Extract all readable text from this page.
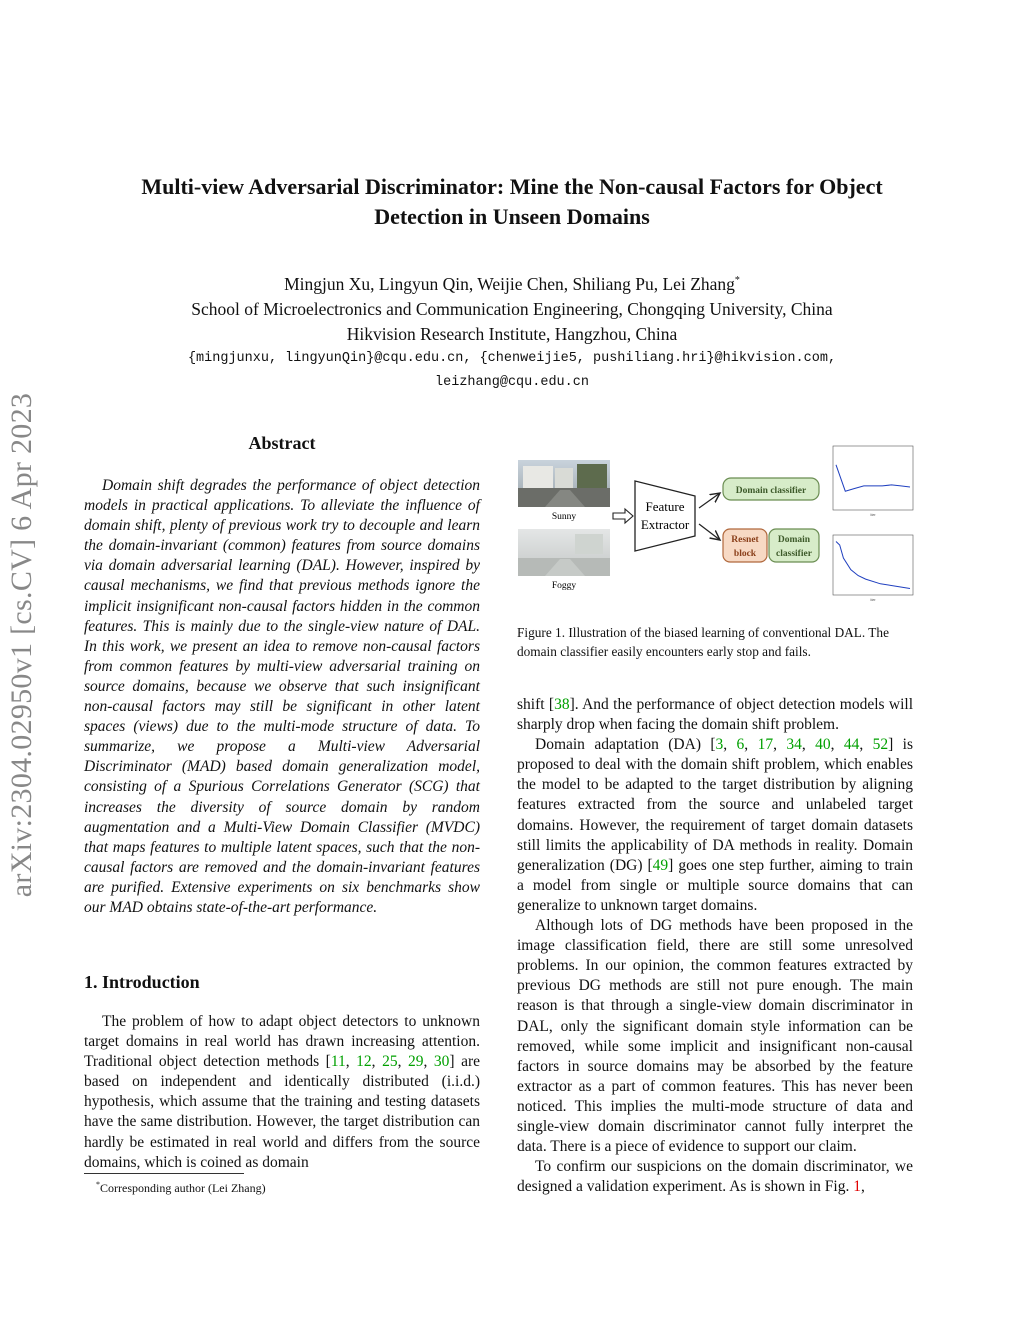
arXiv:2304.02950v1 [cs.CV] 6 Apr 2023
Multi-view Adversarial Discriminator: Mine the Non-causal Factors for Object
Detection in Unseen Domains
Mingjun Xu, Lingyun Qin, Weijie Chen, Shiliang Pu, Lei Zhang*
School of Microelectronics and Communication Engineering, Chongqing University, China
Hikvision Research Institute, Hangzhou, China
{mingjunxu, lingyunQin}@cqu.edu.cn, {chenweijie5, pushiliang.hri}@hikvision.com,
leizhang@cqu.edu.cn
Abstract
Domain shift degrades the performance of object detection models in practical applications. To alleviate the influence of domain shift, plenty of previous work try to decouple and learn the domain-invariant (common) features from source domains via domain adversarial learning (DAL). However, inspired by causal mechanisms, we find that previous methods ignore the implicit insignificant non-causal factors hidden in the common features. This is mainly due to the single-view nature of DAL. In this work, we present an idea to remove non-causal factors from common features by multi-view adversarial training on source domains, because we observe that such insignificant non-causal factors may still be significant in other latent spaces (views) due to the multi-mode structure of data. To summarize, we propose a Multi-view Adversarial Discriminator (MAD) based domain generalization model, consisting of a Spurious Correlations Generator (SCG) that increases the diversity of source domain by random augmentation and a Multi-View Domain Classifier (MVDC) that maps features to multiple latent spaces, such that the non-causal factors are removed and the domain-invariant features are purified. Extensive experiments on six benchmarks show our MAD obtains state-of-the-art performance.
1. Introduction

The problem of how to adapt object detectors to unknown target domains in real world has drawn increasing attention. Traditional object detection methods [11, 12, 25, 29, 30] are based on independent and identically distributed (i.i.d.) hypothesis, which assume that the training and testing datasets have the same distribution. However, the target distribution can hardly be estimated in real world and differs from the source domains, which is coined as domain

*Corresponding author (Lei Zhang)
Sunny
Foggy
Feature
Extractor
Domain classifier
Resnet
block
Domain
classifier
iter
iter
Figure 1. Illustration of the biased learning of conventional DAL. The domain classifier easily encounters early stop and fails.

shift [38]. And the performance of object detection models will sharply drop when facing the domain shift problem.

Domain adaptation (DA) [3, 6, 17, 34, 40, 44, 52] is proposed to deal with the domain shift problem, which enables the model to be adapted to the target distribution by aligning features extracted from the source and unlabeled target domains. However, the requirement of target domain datasets still limits the applicability of DA methods in reality. Domain generalization (DG) [49] goes one step further, aiming to train a model from single or multiple source domains that can generalize to unknown target domains.

Although lots of DG methods have been proposed in the image classification field, there are still some unresolved problems. In our opinion, the common features extracted by previous DG methods are still not pure enough. The main reason is that through a single-view domain discriminator in DAL, only the significant domain style information can be removed, while some implicit and insignificant non-causal factors in source domains may be absorbed by the feature extractor as a part of common features. This has never been noticed. This implies the multi-mode structure of data and single-view domain discriminator cannot fully interpret the data. There is a piece of evidence to support our claim.

To confirm our suspicions on the domain discriminator, we designed a validation experiment. As is shown in Fig. 1,
